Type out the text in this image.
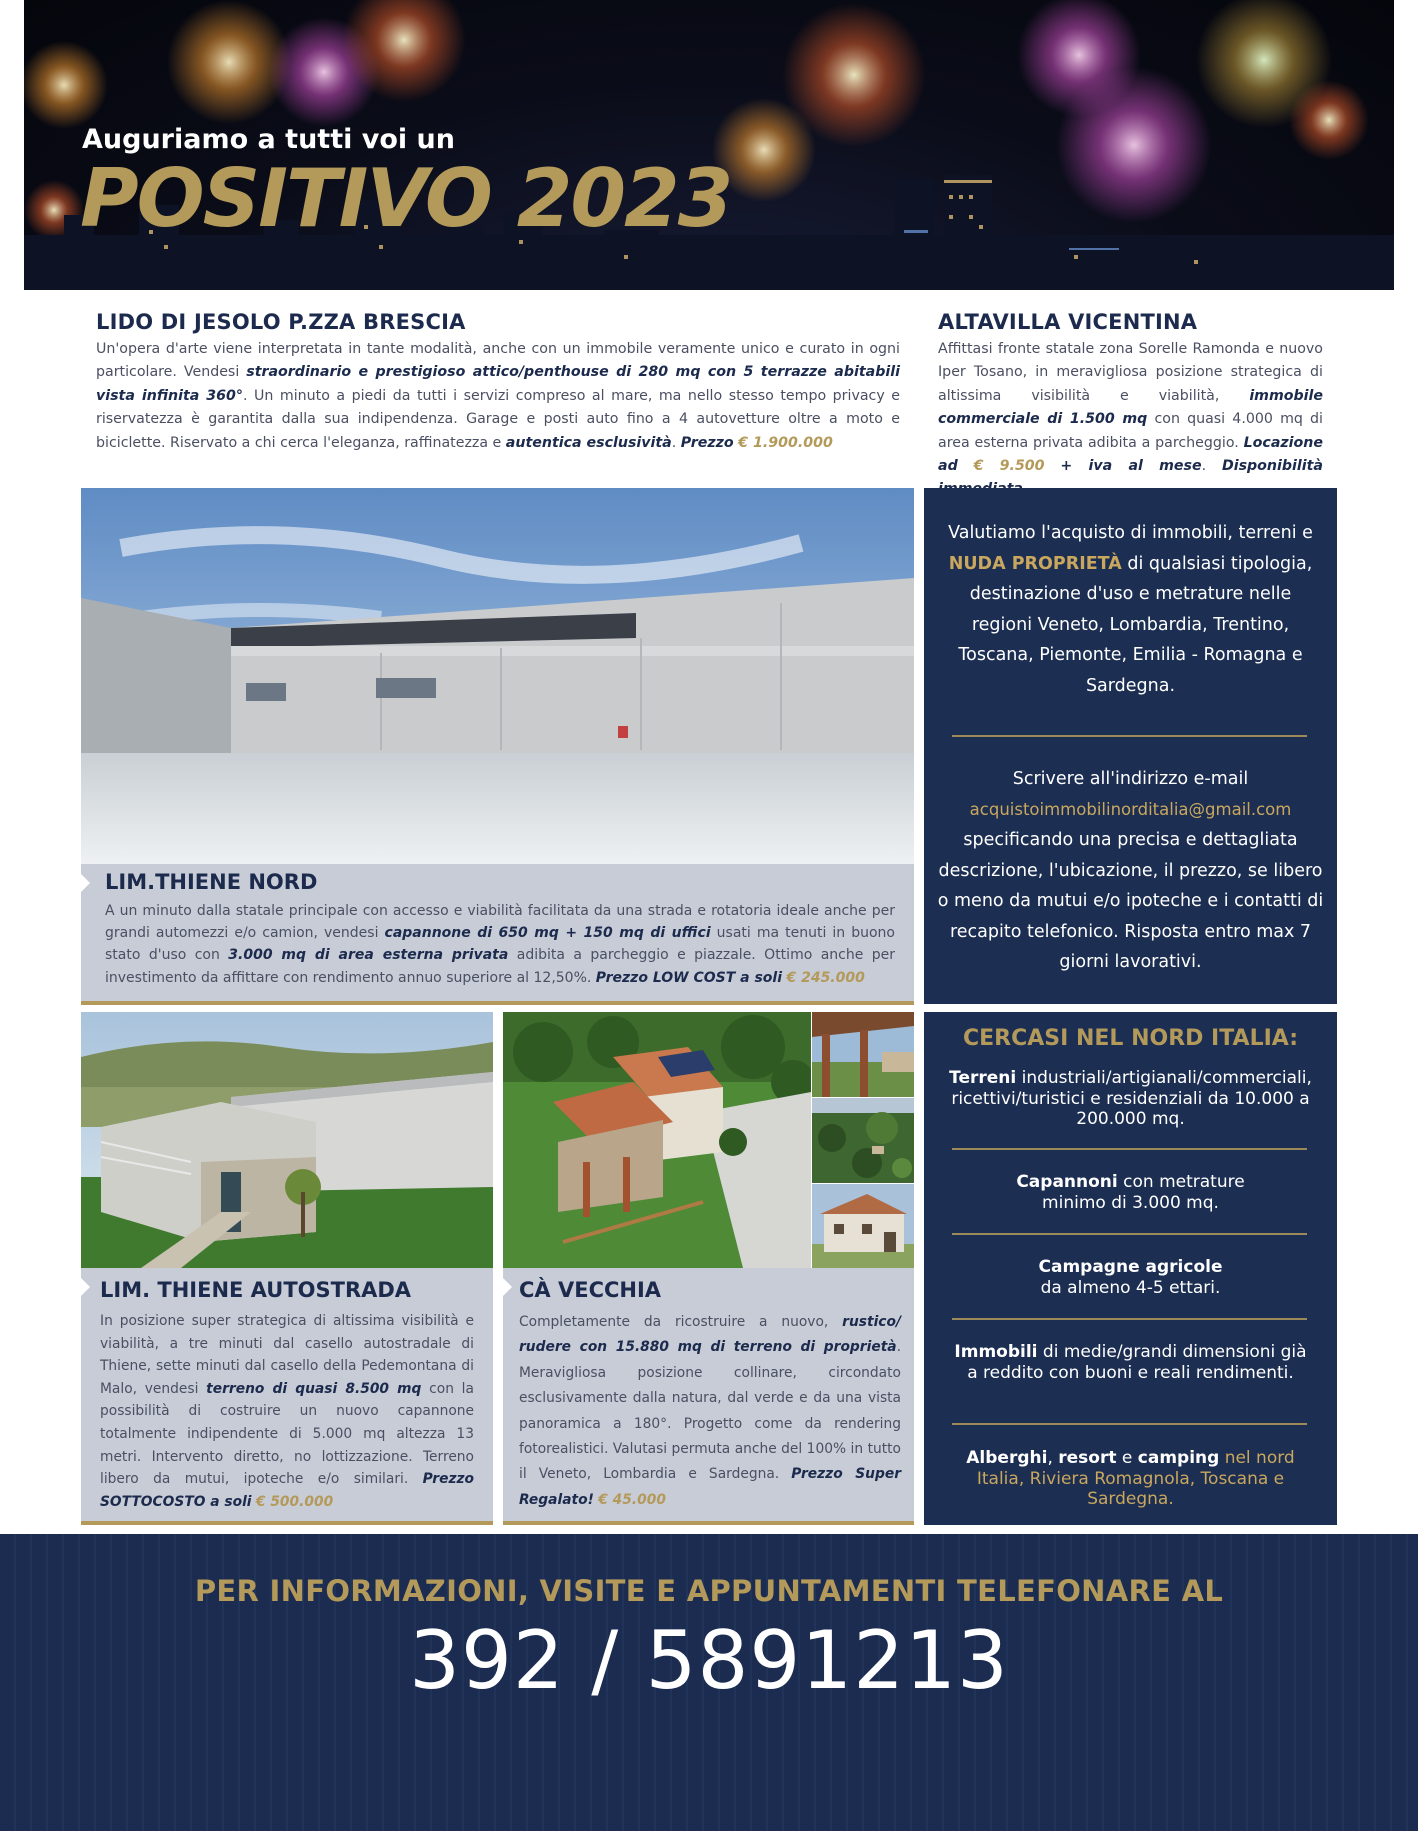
Auguriamo a tutti voi un
POSITIVO 2023
LIDO DI JESOLO P.ZZA BRESCIA

Un'opera d'arte viene interpretata in tante modalità, anche con un immobile veramente unico e curato in ogni particolare. Vendesi straordinario e prestigioso attico/penthouse di 280 mq con 5 terrazze abitabili vista infinita 360°. Un minuto a piedi da tutti i servizi compreso al mare, ma nello stesso tempo privacy e riservatezza è garantita dalla sua indipendenza. Garage e posti auto fino a 4 autovetture oltre a moto e biciclette. Riservato a chi cerca l'eleganza, raffinatezza e autentica esclusività. Prezzo € 1.900.000

ALTAVILLA VICENTINA

Affittasi fronte statale zona Sorelle Ramonda e nuovo Iper Tosano, in meravigliosa posizione strategica di altissima visibilità e viabilità, immobile commerciale di 1.500 mq con quasi 4.000 mq di area esterna privata adibita a parcheggio. Locazione ad € 9.500 + iva al mese. Disponibilità

LIM.THIENE NORD

A un minuto dalla statale principale con accesso e viabilità facilitata da una strada e rotatoria ideale anche per grandi automezzi e/o camion, vendesi capannone di 650 mq + 150 mq di uffici usati ma tenuti in buono stato d'uso con 3.000 mq di area esterna privata adibita a parcheggio e piazzale. Ottimo anche per investimento da affittare con rendimento annuo superiore al 12,50%. Prezzo LOW COST a soli € 245.000

Valutiamo l'acquisto di immobili, terreni e NUDA PROPRIETÀ di qualsiasi tipologia, destinazione d'uso e metrature nelle regioni Veneto, Lombardia, Trentino, Toscana, Piemonte, Emilia - Romagna e Sardegna.

Scrivere all'indirizzo e-mail
acquistoimmobilinorditalia@gmail.com
specificando una precisa e dettagliata descrizione, l'ubicazione, il prezzo, se libero o meno da mutui e/o ipoteche e i contatti di recapito telefonico. Risposta entro max 7 giorni lavorativi.

LIM. THIENE AUTOSTRADA

In posizione super strategica di altissima visibilità e viabilità, a tre minuti dal casello autostradale di Thiene, sette minuti dal casello della Pedemontana di Malo, vendesi terreno di quasi 8.500 mq con la possibilità di costruire un nuovo capannone totalmente indipendente di 5.000 mq altezza 13 metri. Intervento diretto, no lottizzazione. Terreno libero da mutui, ipoteche e/o similari. Prezzo SOTTOCOSTO a soli € 500.000

CÀ VECCHIA

Completamente da ricostruire a nuovo, rustico/ rudere con 15.880 mq di terreno di proprietà. Meravigliosa posizione collinare, circondato esclusivamente dalla natura, dal verde e da una vista panoramica a 180°. Progetto come da rendering fotorealistici. Valutasi permuta anche del 100% in tutto il Veneto, Lombardia e Sardegna. Prezzo Super Regalato! € 45.000

CERCASI NEL NORD ITALIA:

Terreni industriali/artigianali/commerciali, ricettivi/turistici e residenziali da 10.000 a 200.000 mq.

Capannoni con metrature minimo di 3.000 mq.

Campagne agricole
da almeno 4-5 ettari.

Immobili di medie/grandi dimensioni già a reddito con buoni e reali rendimenti.

Alberghi, resort e camping nel nord Italia, Riviera Romagnola, Toscana e Sardegna.

PER INFORMAZIONI, VISITE E APPUNTAMENTI TELEFONARE AL
392 / 5891213
